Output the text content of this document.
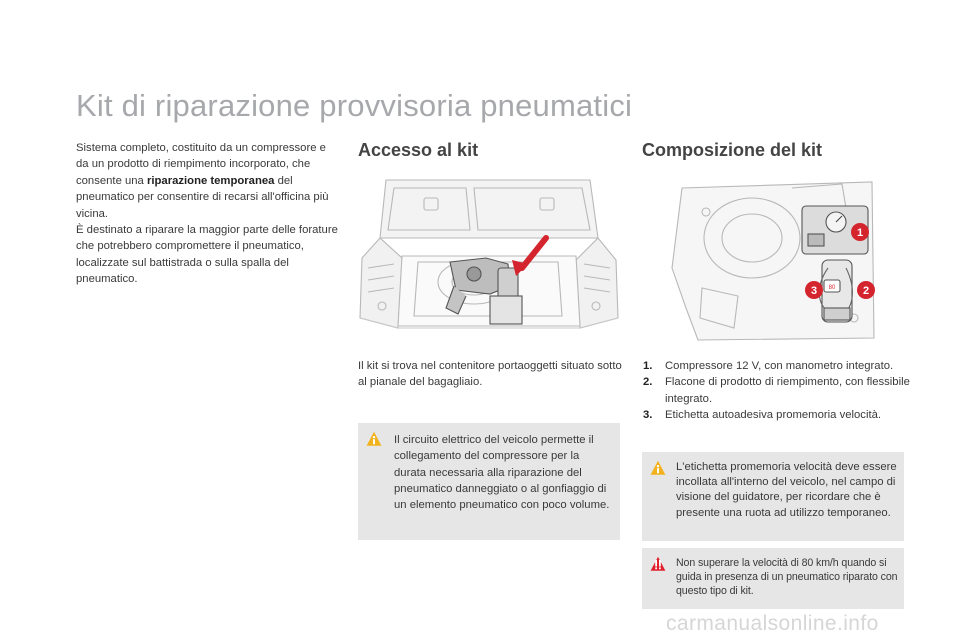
Kit di riparazione provvisoria pneumatici

Sistema completo, costituito da un compressore e da un prodotto di riempimento incorporato, che consente una riparazione temporanea del pneumatico per consentire di recarsi all'officina più vicina.

È destinato a riparare la maggior parte delle forature che potrebbero compromettere il pneumatico, localizzate sul battistrada o sulla spalla del pneumatico.

Accesso al kit	Composizione del kit
80
1
2
3
Il kit si trova nel contenitore portaoggetti situato sotto al pianale del bagagliaio.
1. Compressore 12 V, con manometro integrato.
2. Flacone di prodotto di riempimento, con flessibile integrato.
3. Etichetta autoadesiva promemoria velocità.
Il circuito elettrico del veicolo permette il collegamento del compressore per la durata necessaria alla riparazione del pneumatico danneggiato o al gonfiaggio di un elemento pneumatico con poco volume.
L'etichetta promemoria velocità deve essere incollata all'interno del veicolo, nel campo di visione del guidatore, per ricordare che è presente una ruota ad utilizzo temporaneo.
Non superare la velocità di 80 km/h quando si guida in presenza di un pneumatico riparato con questo tipo di kit.
carmanualsonline.info
